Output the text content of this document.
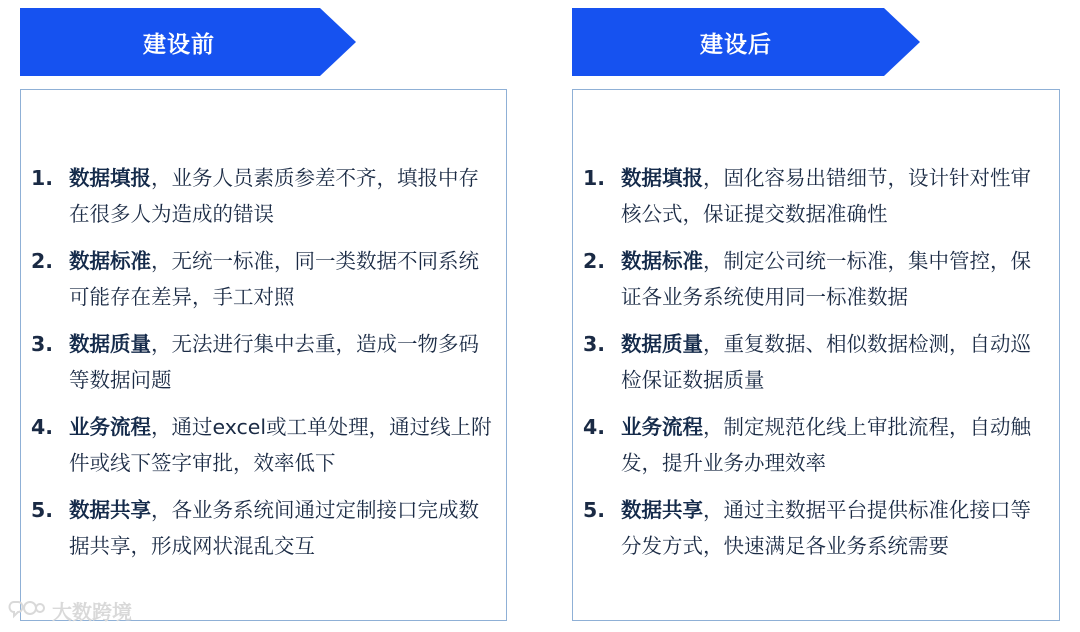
建设前
1. 数据填报，业务人员素质参差不齐，填报中存在很多人为造成的错误
2. 数据标准，无统一标准，同一类数据不同系统可能存在差异，手工对照
3. 数据质量，无法进行集中去重，造成一物多码等数据问题
4. 业务流程，通过excel或工单处理，通过线上附件或线下签字审批，效率低下
5. 数据共享，各业务系统间通过定制接口完成数据共享，形成网状混乱交互
建设后
1. 数据填报，固化容易出错细节，设计针对性审核公式，保证提交数据准确性
2. 数据标准，制定公司统一标准，集中管控，保证各业务系统使用同一标准数据
3. 数据质量，重复数据、相似数据检测，自动巡检保证数据质量
4. 业务流程，制定规范化线上审批流程，自动触发，提升业务办理效率
5. 数据共享，通过主数据平台提供标准化接口等分发方式，快速满足各业务系统需要
大数跨境
